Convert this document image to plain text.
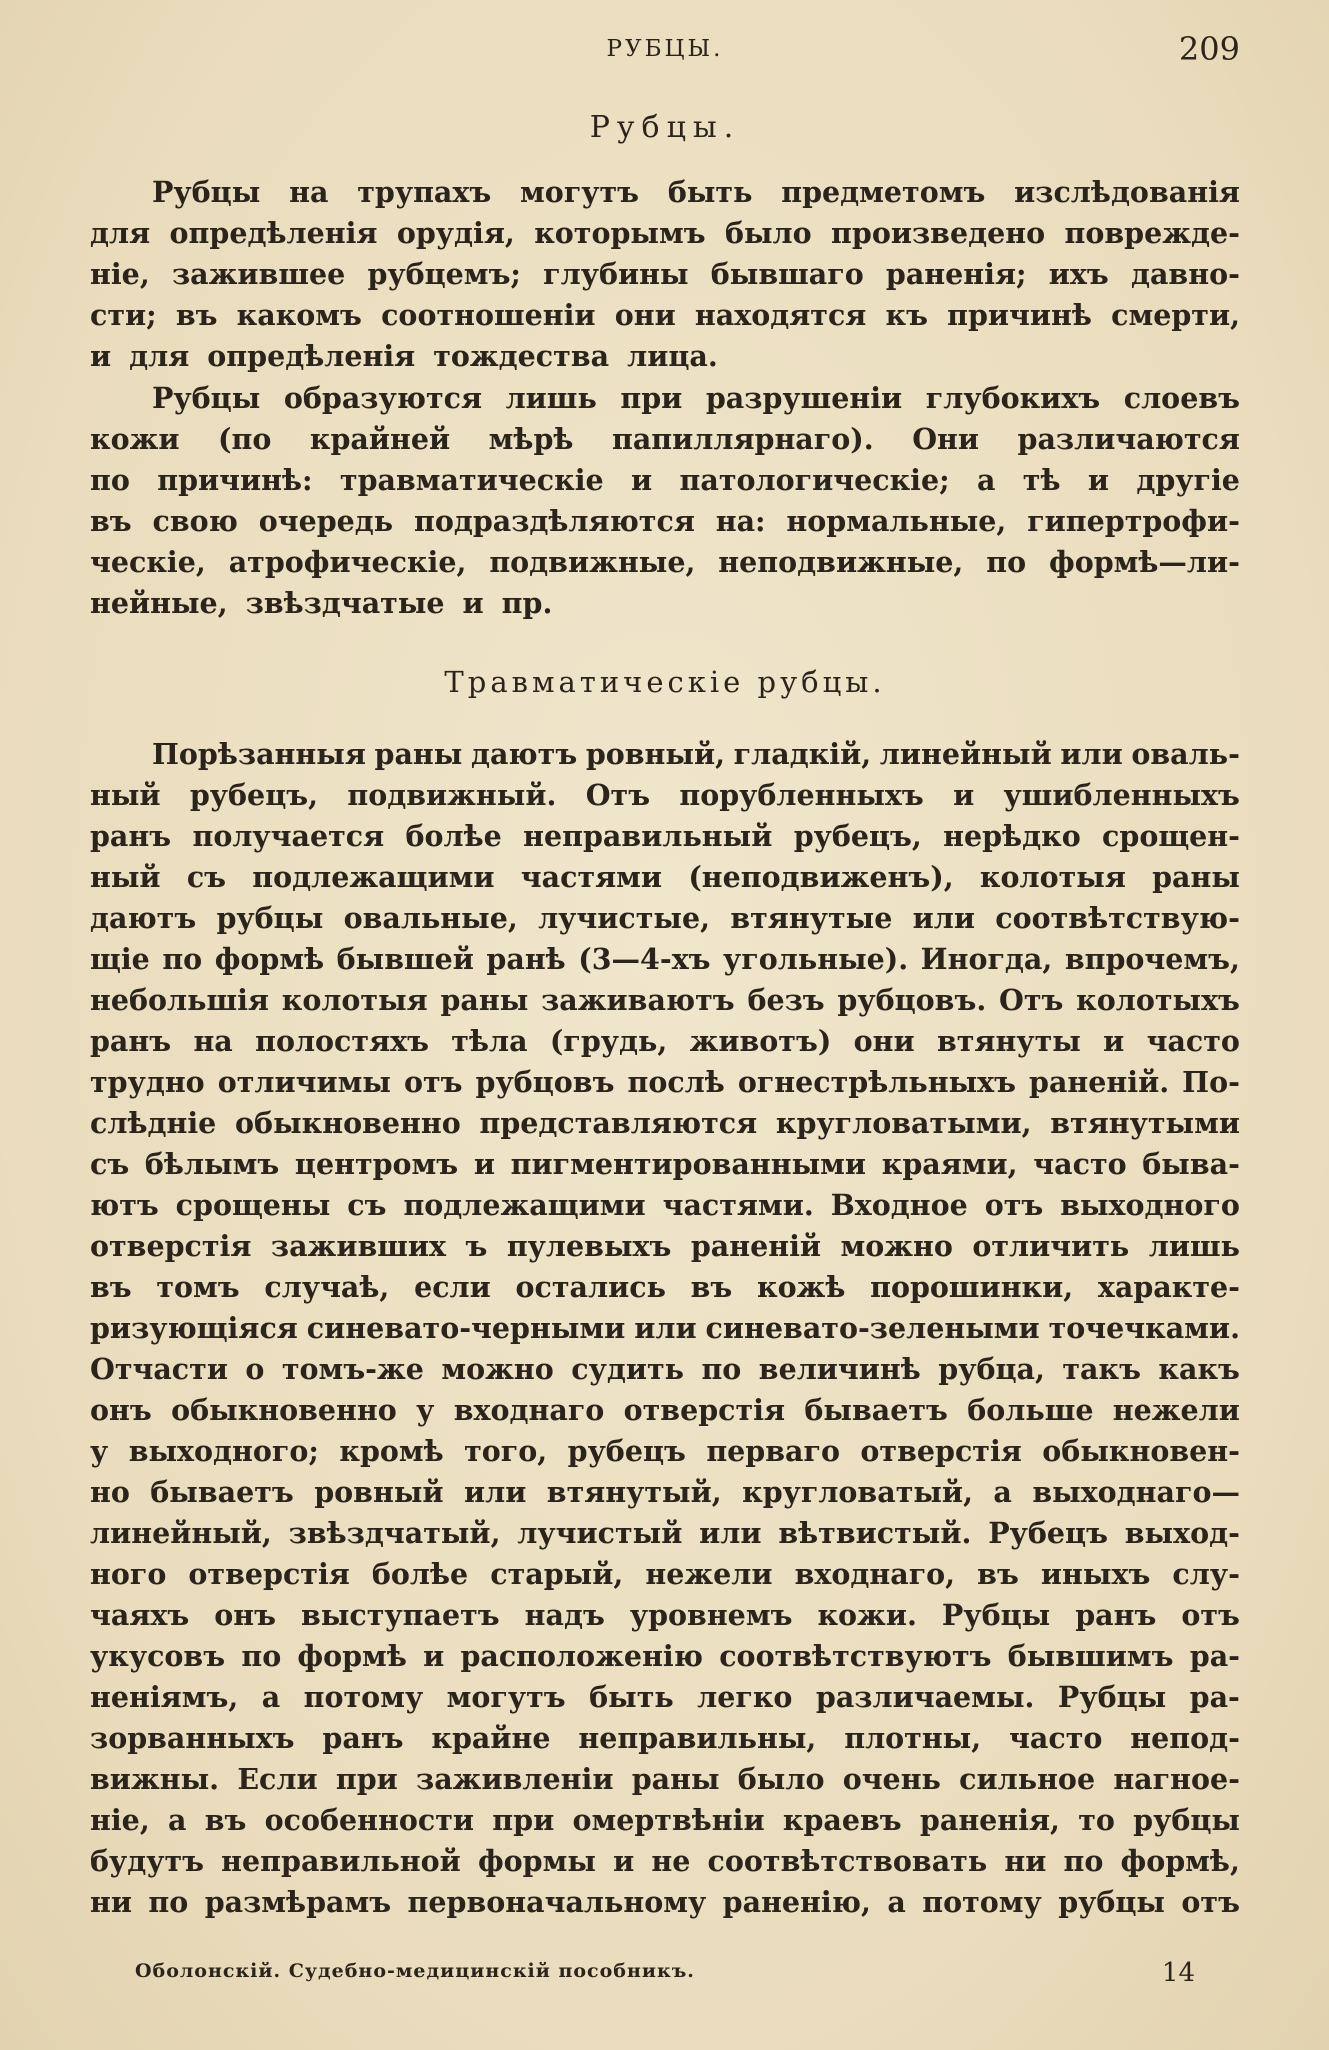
РУБЦЫ.	209
Рубцы.
Рубцы на трупахъ могутъ быть предметомъ изслѣдованія
для опредѣленія орудія, которымъ было произведено поврежде-
ніе, зажившее рубцемъ; глубины бывшаго раненія; ихъ давно-
сти; въ какомъ соотношеніи они находятся къ причинѣ смерти,
и для опредѣленія тождества лица.
Рубцы образуются лишь при разрушеніи глубокихъ слоевъ
кожи (по крайней мѣрѣ папиллярнаго). Они различаются
по причинѣ: травматическіе и патологическіе; а тѣ и другіе
въ свою очередь подраздѣляются на: нормальные, гипертрофи-
ческіе, атрофическіе, подвижные, неподвижные, по формѣ—ли-
нейные, звѣздчатые и пр.
Травматическіе рубцы.
Порѣзанныя раны даютъ ровный, гладкій, линейный или оваль-
ный рубецъ, подвижный. Отъ порубленныхъ и ушибленныхъ
ранъ получается болѣе неправильный рубецъ, нерѣдко срощен-
ный съ подлежащими частями (неподвиженъ), колотыя раны
даютъ рубцы овальные, лучистые, втянутые или соотвѣтствую-
щіе по формѣ бывшей ранѣ (3—4-хъ угольные). Иногда, впрочемъ,
небольшія колотыя раны заживаютъ безъ рубцовъ. Отъ колотыхъ
ранъ на полостяхъ тѣла (грудь, животъ) они втянуты и часто
трудно отличимы отъ рубцовъ послѣ огнестрѣльныхъ раненій. По-
слѣдніе обыкновенно представляются кругловатыми, втянутыми
съ бѣлымъ центромъ и пигментированными краями, часто быва-
ютъ срощены съ подлежащими частями. Входное отъ выходного
отверстія заживших ъ пулевыхъ раненій можно отличить лишь
въ томъ случаѣ, если остались въ кожѣ порошинки, характе-
ризующіяся синевато-черными или синевато-зелеными точечками.
Отчасти о томъ-же можно судить по величинѣ рубца, такъ какъ
онъ обыкновенно у входнаго отверстія бываетъ больше нежели
у выходного; кромѣ того, рубецъ перваго отверстія обыкновен-
но бываетъ ровный или втянутый, кругловатый, а выходнаго—
линейный, звѣздчатый, лучистый или вѣтвистый. Рубецъ выход-
ного отверстія болѣе старый, нежели входнаго, въ иныхъ слу-
чаяхъ онъ выступаетъ надъ уровнемъ кожи. Рубцы ранъ отъ
укусовъ по формѣ и расположенію соотвѣтствуютъ бывшимъ ра-
неніямъ, а потому могутъ быть легко различаемы. Рубцы ра-
зорванныхъ ранъ крайне неправильны, плотны, часто непод-
вижны. Если при заживленіи раны было очень сильное нагное-
ніе, а въ особенности при омертвѣніи краевъ раненія, то рубцы
будутъ неправильной формы и не соотвѣтствовать ни по формѣ,
ни по размѣрамъ первоначальному раненію, а потому рубцы отъ
Оболонскій. Судебно-медицинскій пособникъ.	14
